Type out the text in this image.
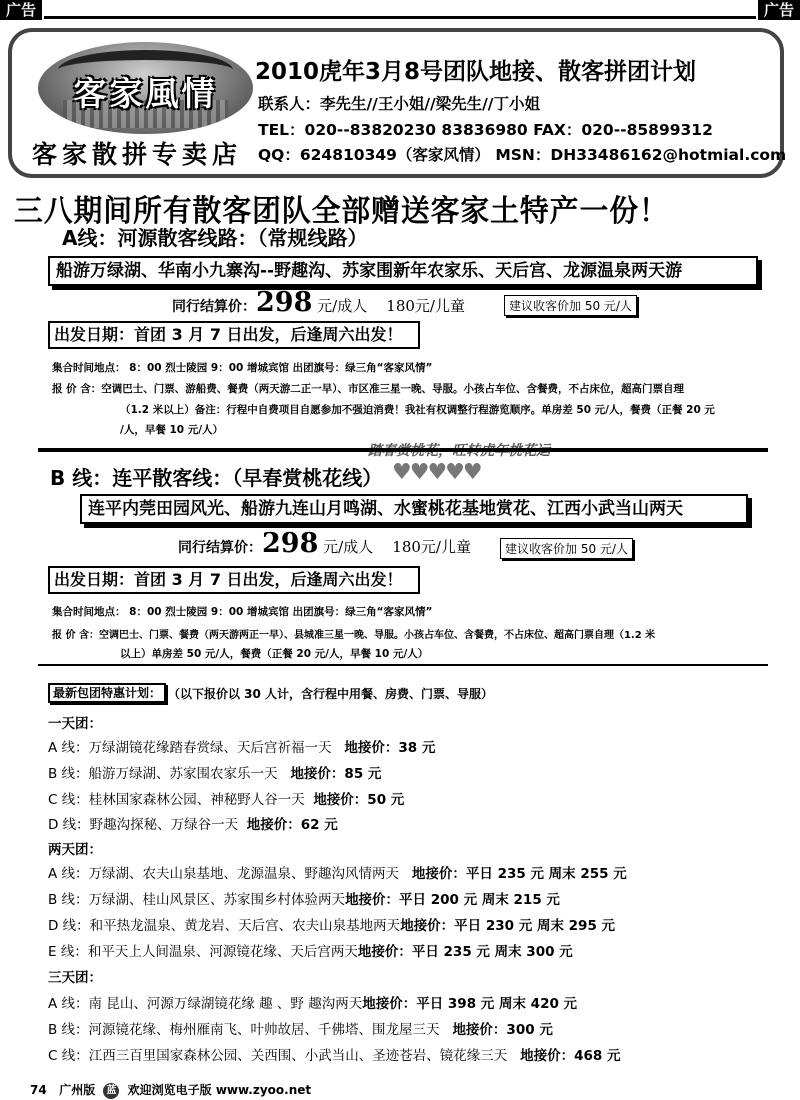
广告	广告
客家風情
客家散拼专卖店
2010虎年3月8号团队地接、散客拼团计划
联系人：李先生//王小姐//梁先生//丁小姐
TEL：020--83820230 83836980 FAX：020--85899312
QQ：624810349（客家风情） MSN：DH33486162@hotmial.com
三八期间所有散客团队全部赠送客家土特产一份！
A线：河源散客线路：（常规线路）
船游万绿湖、华南小九寨沟--野趣沟、苏家围新年农家乐、天后宫、龙源温泉两天游
同行结算价：298 元/成人 180元/儿童	建议收客价加 50 元/人
出发日期：首团 3 月 7 日出发，后逢周六出发！
集合时间地点： 8：00 烈士陵园 9：00 增城宾馆 出团旗号：绿三角“客家风情”
报 价 含：空调巴士、门票、游船费、餐费（两天游二正一早）、市区准三星一晚、导服。小孩占车位、含餐费，不占床位，超高门票自理
（1.2 米以上）备注：行程中自费项目自愿参加不强迫消费！我社有权调整行程游览顺序。单房差 50 元/人，餐费（正餐 20 元
/人，早餐 10 元/人）
♥♥♥♥♥
B 线：连平散客线：（早春赏桃花线）
连平内莞田园风光、船游九连山月鸣湖、水蜜桃花基地赏花、江西小武当山两天
同行结算价：298 元/成人 180元/儿童	建议收客价加 50 元/人
出发日期：首团 3 月 7 日出发，后逢周六出发！
集合时间地点： 8：00 烈士陵园 9：00 增城宾馆 出团旗号：绿三角“客家风情”
报 价 含：空调巴士、门票、餐费（两天游两正一早）、县城准三星一晚、导服。小孩占车位、含餐费，不占床位、超高门票自理（1.2 米
以上）单房差 50 元/人，餐费（正餐 20 元/人，早餐 10 元/人）
最新包团特惠计划： （以下报价以 30 人计，含行程中用餐、房费、门票、导服）
一天团：
A 线：万绿湖镜花缘踏春赏绿、天后宫祈福一天 地接价：38 元
B 线：船游万绿湖、苏家围农家乐一天 地接价：85 元
C 线：桂林国家森林公园、神秘野人谷一天 地接价：50 元
D 线：野趣沟探秘、万绿谷一天 地接价：62 元
两天团：
A 线：万绿湖、农夫山泉基地、龙源温泉、野趣沟风情两天 地接价：平日 235 元 周末 255 元
B 线：万绿湖、桂山风景区、苏家围乡村体验两天地接价：平日 200 元 周末 215 元
D 线：和平热龙温泉、黄龙岩、天后宫、农夫山泉基地两天地接价：平日 230 元 周末 295 元
E 线：和平天上人间温泉、河源镜花缘、天后宫两天地接价：平日 235 元 周末 300 元
三天团：
A 线：南 昆山、河源万绿湖镜花缘 趣 、野 趣沟两天地接价：平日 398 元 周末 420 元
B 线：河源镜花缘、梅州雁南飞、叶帅故居、千佛塔、围龙屋三天 地接价：300 元
C 线：江西三百里国家森林公园、关西围、小武当山、圣迹苍岩、镜花缘三天 地接价：468 元
74 广州版 蓝 欢迎浏览电子版 www.zyoo.net
